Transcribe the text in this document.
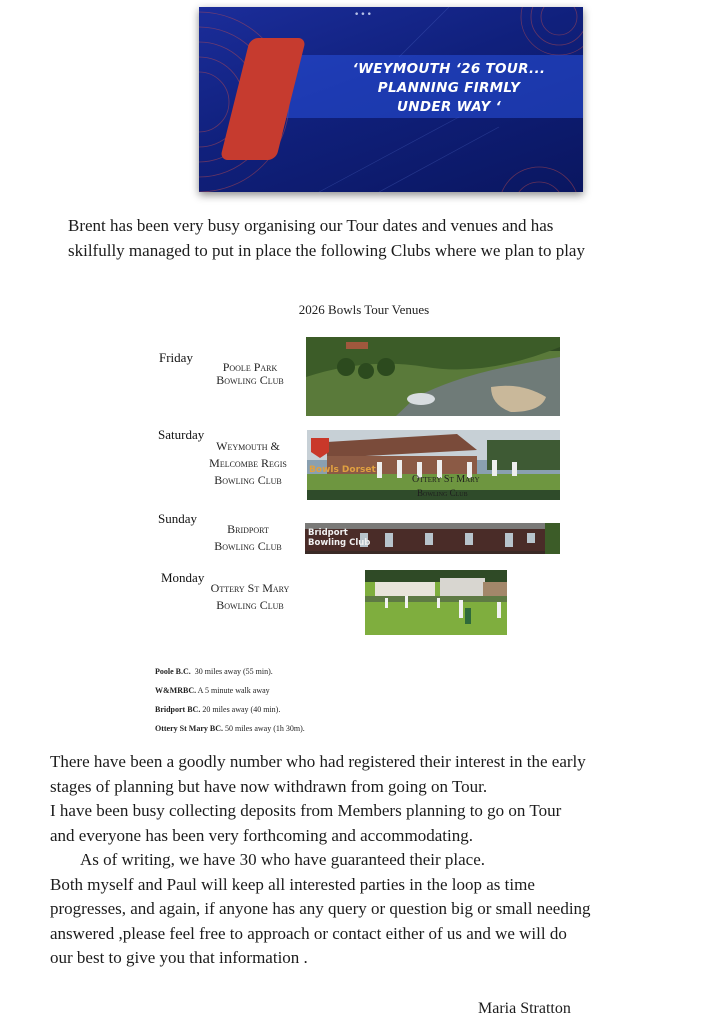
•••
‘WEYMOUTH ‘26 TOUR...
PLANNING FIRMLY
UNDER WAY ‘
Brent has been very busy organising our Tour dates and venues and has
skilfully managed to put in place the following Clubs where we plan to play
2026 Bowls Tour Venues
Friday
Poole Park
Bowling Club
Saturday
Weymouth &
Melcombe Regis
Bowling Club
Bowls Dorset
Ottery St Mary
Bowling Club
Sunday
Bridport
Bowling Club
Bridport
Bowling Club
Monday
Ottery St Mary
Bowling Club
Poole B.C. 30 miles away (55 min).
W&MRBC. A 5 minute walk away
Bridport BC. 20 miles away (40 min).
Ottery St Mary BC. 50 miles away (1h 30m).

There have been a goodly number who had registered their interest in the early

stages of planning but have now withdrawn from going on Tour.

I have been busy collecting deposits from Members planning to go on Tour

and everyone has been very forthcoming and accommodating.

As of writing, we have 30 who have guaranteed their place.

Both myself and Paul will keep all interested parties in the loop as time

progresses, and again, if anyone has any query or question big or small needing

answered ,please feel free to approach or contact either of us and we will do

our best to give you that information .

Maria Stratton
